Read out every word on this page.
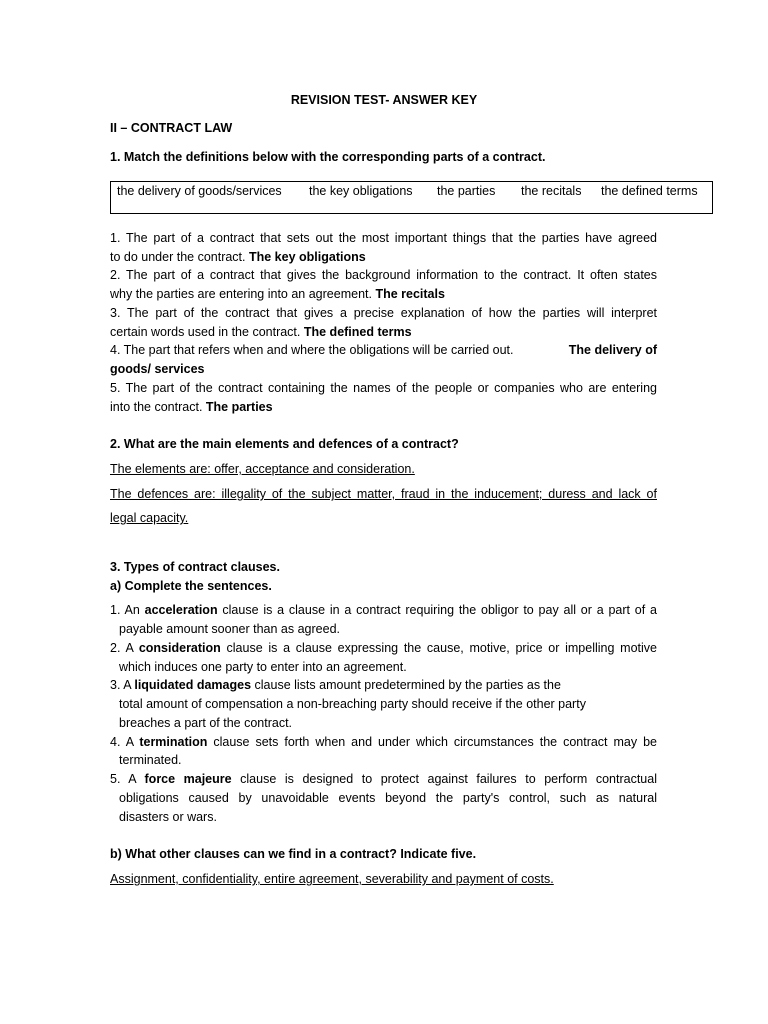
REVISION TEST- ANSWER KEY
II – CONTRACT LAW
1. Match the definitions below with the corresponding parts of a contract.
the delivery of goods/services the key obligations the parties the recitals the defined terms
1. The part of a contract that sets out the most important things that the parties have agreed
to do under the contract. The key obligations
2. The part of a contract that gives the background information to the contract. It often states
why the parties are entering into an agreement. The recitals
3. The part of the contract that gives a precise explanation of how the parties will interpret
certain words used in the contract. The defined terms
4. The part that refers when and where the obligations will be carried out.	The delivery of
goods/ services
5. The part of the contract containing the names of the people or companies who are entering
into the contract. The parties
2. What are the main elements and defences of a contract?
The elements are: offer, acceptance and consideration.
The defences are: illegality of the subject matter, fraud in the inducement; duress and lack of
legal capacity.
3. Types of contract clauses.
a) Complete the sentences.
1. An acceleration clause is a clause in a contract requiring the obligor to pay all or a part of a
payable amount sooner than as agreed.
2. A consideration clause is a clause expressing the cause, motive, price or impelling motive
which induces one party to enter into an agreement.
3. A liquidated damages clause lists amount predetermined by the parties as the
total amount of compensation a non-breaching party should receive if the other party
breaches a part of the contract.
4. A termination clause sets forth when and under which circumstances the contract may be
terminated.
5. A force majeure clause is designed to protect against failures to perform contractual
obligations caused by unavoidable events beyond the party's control, such as natural
disasters or wars.
b) What other clauses can we find in a contract? Indicate five.
Assignment, confidentiality, entire agreement, severability and payment of costs.
